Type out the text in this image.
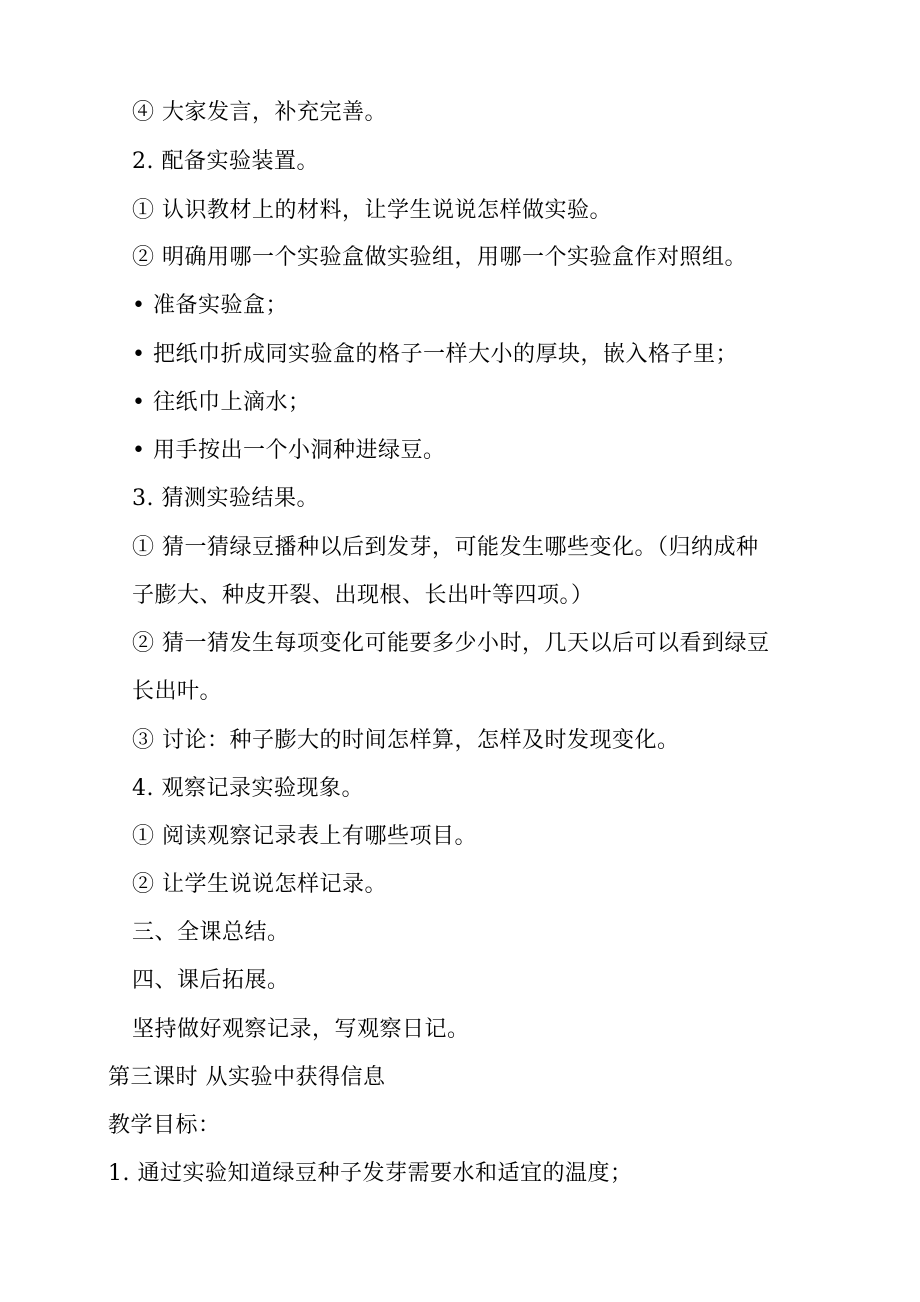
④ 大家发言，补充完善。
2. 配备实验装置。
① 认识教材上的材料，让学生说说怎样做实验。
② 明确用哪一个实验盒做实验组，用哪一个实验盒作对照组。
• 准备实验盒；
• 把纸巾折成同实验盒的格子一样大小的厚块，嵌入格子里；
• 往纸巾上滴水；
• 用手按出一个小洞种进绿豆。
3. 猜测实验结果。
① 猜一猜绿豆播种以后到发芽，可能发生哪些变化。（归纳成种
子膨大、种皮开裂、出现根、长出叶等四项。）
② 猜一猜发生每项变化可能要多少小时，几天以后可以看到绿豆
长出叶。
③ 讨论：种子膨大的时间怎样算，怎样及时发现变化。
4. 观察记录实验现象。
① 阅读观察记录表上有哪些项目。
② 让学生说说怎样记录。
三、全课总结。
四、课后拓展。
坚持做好观察记录，写观察日记。
第三课时 从实验中获得信息
教学目标：
1. 通过实验知道绿豆种子发芽需要水和适宜的温度；
